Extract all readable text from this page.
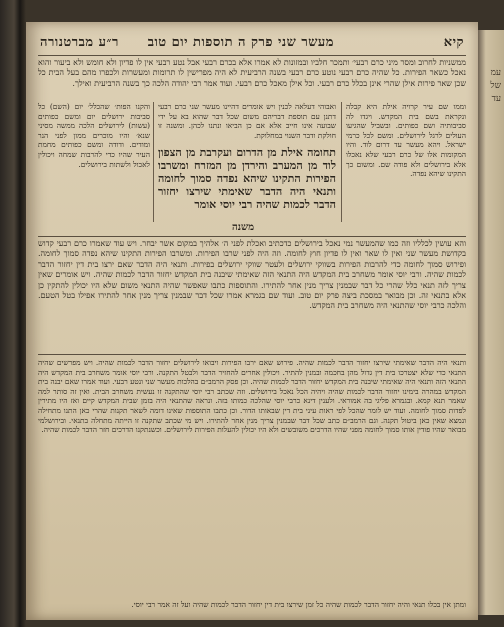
קיא
מעשר שני פרק ה תוספות יום טוב
ר״ע מברטנורה
ממשניות לחרוב ומסר מיני כרם רבעי׳ ותמכר חלביו ובמזונות לא אמרו אלא בכרם רבעי אבל נטע רבעי אין לו פדיון ולא חומש ולא ביעור והוא נאכל כשאר הפירות. כל שהיה כרם רבעי נוטע כרם רבעי בשנה הרביעית לא היה מפרישין לו תרומות ומעשרות ולכפרו מהם בעל הבית כל שכן שאר פירות אילן שהרי אינן בכלל כרם רבעי. וכל אילן מאכל כרם רבעי. ועוד אמר רבי יהודה הלכה כך בשנה הרביעית ואילך.
והקנו הפות׳ שהכלל׳ יום (השם) כל סביבות ירושלים יום ומשם כפותים (עשות) לירושלים הלכה ממשה מסיני שנא׳ והיו מוכרים ממון לפני הנר ומודים. ודודה ומשם כפותים מחמת העיר שהיו כדי להרבות שמחה ויכולין לאכול ולשתות בירושלים.
ואבוהי דעלאה לכנין ויש אומרים דהיינו מעשר שני כרם רבעי דתנן עם תוספת דבריהם משום שכל דבר שהוא בא על ידי שבועה אינו חייב אלא אם כן הביאו ונתנו לכהן. ומשנה זו חולקת ודבר השנוי במחלוקת.
תחומה אילת מן הדרום ועקרבת מן הצפון לוד מן המערב והירדן מן המזרח ומשרבו הפירות התקינו שיהא נפדה סמוך לחומה ותנאי היה הדבר שאימתי שירצו יחזור הדבר לכמות שהיה רבי יוסי אומר
משנה
וממו שם עיר קרויה אילת היא קבלה ונקראת בשם בית המקדש. ויגדו לה סביבותיה ושם כפותים. ובשביל שהגיעו העולים לרגל לירושלים. ומשם לכל כרמי ישראל. ויהא מעשר עד דרום לוד. והיו המקומות אלו של כרם רבעי שלא נאכלו אלא בירושלים ולא פודה שם. ומשום כך התקינו שיהא נפדה.
והא עושין לכלליו וזה כמו שהמעשר נמי נאכל בירושלים כדכתיב ואכלת לפני ה׳ אלהיך במקום אשר יבחר. ויש עוד שאמרו כרם רבעי קדוש בקדושת מעשר שני ואין לו שאר ואין לו פדיון חוץ לחומה. וזה היה לפני שרבו הפירות. ומשרבו הפירות התקינו שיהא נפדה סמוך לחומה. ופירוש סמוך לחומה כדי להרבות הפירות בשווקי ירושלים ולעטר שווקי ירושלים בפירות. ותנאי היה הדבר שאם ירצו בית דין יחזור הדבר לכמות שהיה. ורבי יוסי אומר משחרב בית המקדש היה התנאי הזה שאימתי שיבנה בית המקדש יחזור הדבר לכמות שהיה. ויש אומרים שאין צריך לזה תנאי כלל שהרי כל דבר שבמנין צריך מנין אחר להתירו. והתוספות כתבו שאפשר שהיה התנאי משום שלא היו יכולין להתקין כן אלא בתנאי זה. וכן מבואר במסכת ביצה פרק יום טוב. ועוד שם בגמרא אמרו שכל דבר שבמנין צריך מנין אחר להתירו אפילו בטל הטעם. והלכה כרבי יוסי שהתנאי היה משחרב בית המקדש.
ותנאי היה הדבר שאימתי שירצו יחזור הדבר לכמות שהיה. פירוש שאם ירבו הפירות ויבואו לירושלים יחזור הדבר לכמות שהיה. ויש מפרשים שהיה התנאי כדי שלא יצטרכו בית דין גדול מהן בחכמה ובמנין להתיר. ויכולין אחרים להחזיר הדבר ולבטל התקנה. ורבי יוסי אומר משחרב בית המקדש היה התנאי הזה ותנאי היה שאימתי שיבנה בית המקדש יחזור הדבר לכמות שהיה. וכן פסק הרמב״ם בהלכות מעשר שני ונטע רבעי. ועוד אמרו שאם יבנה בית המקדש במהרה בימינו יחזור הדבר לכמות שהיה ויהיה הכל נאכל בירושלים. וזה שכתב רבי יוסי שהתקנה זו נעשית משחרב הבית. ואין זה סותר למה שאמר תנא קמא. ובגמרא פליגי בה אמוראי. ולענין דינא כרבי יוסי שהלכה כמותו בזה. ונראה שהתנאי היה בזמן שבית המקדש קיים ואז היו מתירין לפדות סמוך לחומה. ועוד יש לומר שהכל לפי ראות עיני בית דין שבאותו הדור. וכן כתבו התוספות שאינו דומה לשאר תקנות שהרי כאן התנו מתחילה ונמצא שאין כאן ביטול תקנה. וגם הרמב״ם כתב שכל דבר שבמנין צריך מנין אחר להתירו. ויש מי שכתב שתקנה זו הייתה מתחלה בתנאי. ובירושלמי מבואר שהיו פודין אותו סמוך לחומה מפני שהיו הדרכים משובשים ולא היו יכולין להעלות הפירות לירושלים. וכשנתקנו הדרכים חזר הדבר לכמות שהיה.
ומתן אין בכלו תנאי והיה יחזור הדבר לכמות שהיה כל זמן שירצו בית דין יחזור הדבר לכמות שהיה ועל זה אמר רבי יוסי.
עמ
של
עד
